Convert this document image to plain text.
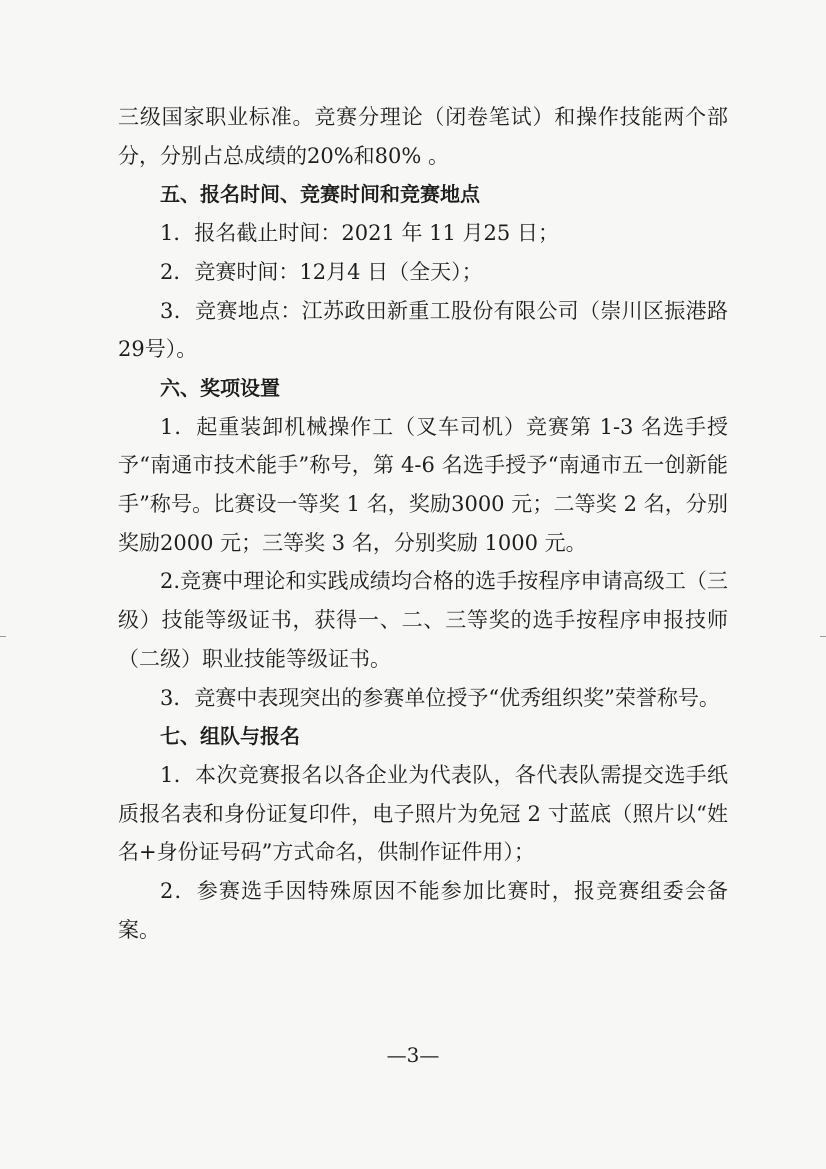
三级国家职业标准。竞赛分理论（闭卷笔试）和操作技能两个部分，分别占总成绩的20%和80% 。

五、报名时间、竞赛时间和竞赛地点

1．报名截止时间：2021 年 11 月25 日；

2．竞赛时间：12月4 日（全天）；

3．竞赛地点：江苏政田新重工股份有限公司（崇川区振港路29号）。

六、奖项设置

1．起重装卸机械操作工（叉车司机）竞赛第 1-3 名选手授予“南通市技术能手”称号，第 4-6 名选手授予“南通市五一创新能手”称号。比赛设一等奖 1 名，奖励3000 元；二等奖 2 名，分别奖励2000 元；三等奖 3 名，分别奖励 1000 元。

2.竞赛中理论和实践成绩均合格的选手按程序申请高级工（三级）技能等级证书，获得一、二、三等奖的选手按程序申报技师（二级）职业技能等级证书。

3．竞赛中表现突出的参赛单位授予“优秀组织奖”荣誉称号。

七、组队与报名

1．本次竞赛报名以各企业为代表队，各代表队需提交选手纸质报名表和身份证复印件，电子照片为免冠 2 寸蓝底（照片以“姓名+身份证号码”方式命名，供制作证件用）；

2．参赛选手因特殊原因不能参加比赛时，报竞赛组委会备案。

—3—
